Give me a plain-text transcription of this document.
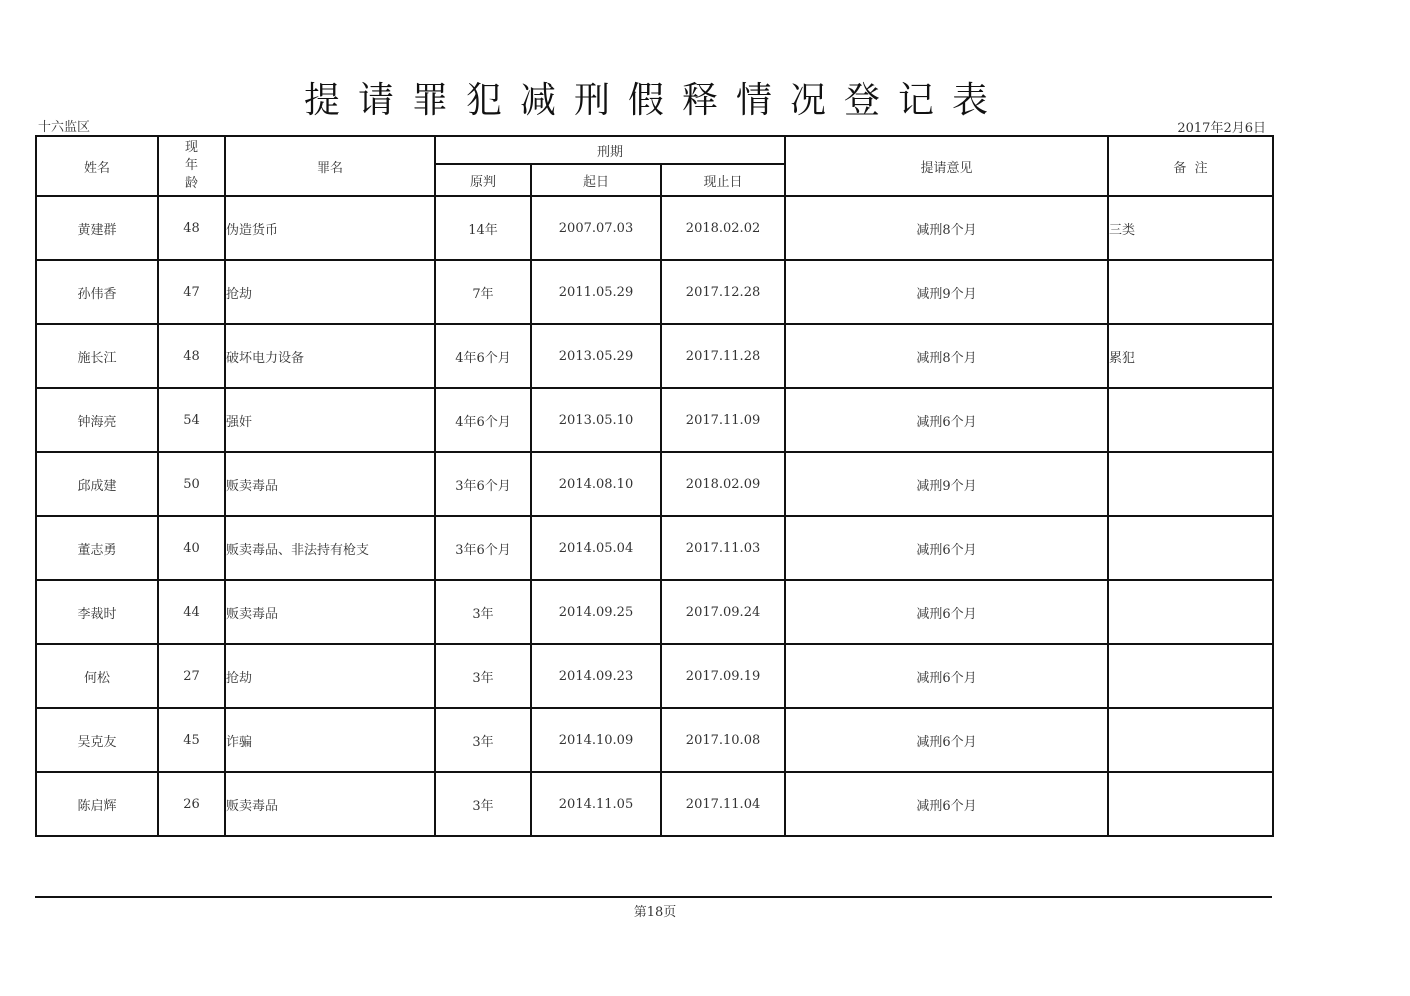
提请罪犯减刑假释情况登记表
十六监区	2017年2月6日
姓名	现
年
龄	罪名	刑期			提请意见	备  注
			原判	起日	现止日		
黄建群	48	伪造货币	14年	2007.07.03	2018.02.02	减刑8个月	三类
孙伟香	47	抢劫	7年	2011.05.29	2017.12.28	减刑9个月	
施长江	48	破坏电力设备	4年6个月	2013.05.29	2017.11.28	减刑8个月	累犯
钟海亮	54	强奸	4年6个月	2013.05.10	2017.11.09	减刑6个月	
邱成建	50	贩卖毒品	3年6个月	2014.08.10	2018.02.09	减刑9个月	
董志勇	40	贩卖毒品、非法持有枪支	3年6个月	2014.05.04	2017.11.03	减刑6个月	
李裁时	44	贩卖毒品	3年	2014.09.25	2017.09.24	减刑6个月	
何松	27	抢劫	3年	2014.09.23	2017.09.19	减刑6个月	
吴克友	45	诈骗	3年	2014.10.09	2017.10.08	减刑6个月	
陈启辉	26	贩卖毒品	3年	2014.11.05	2017.11.04	减刑6个月	
第18页
